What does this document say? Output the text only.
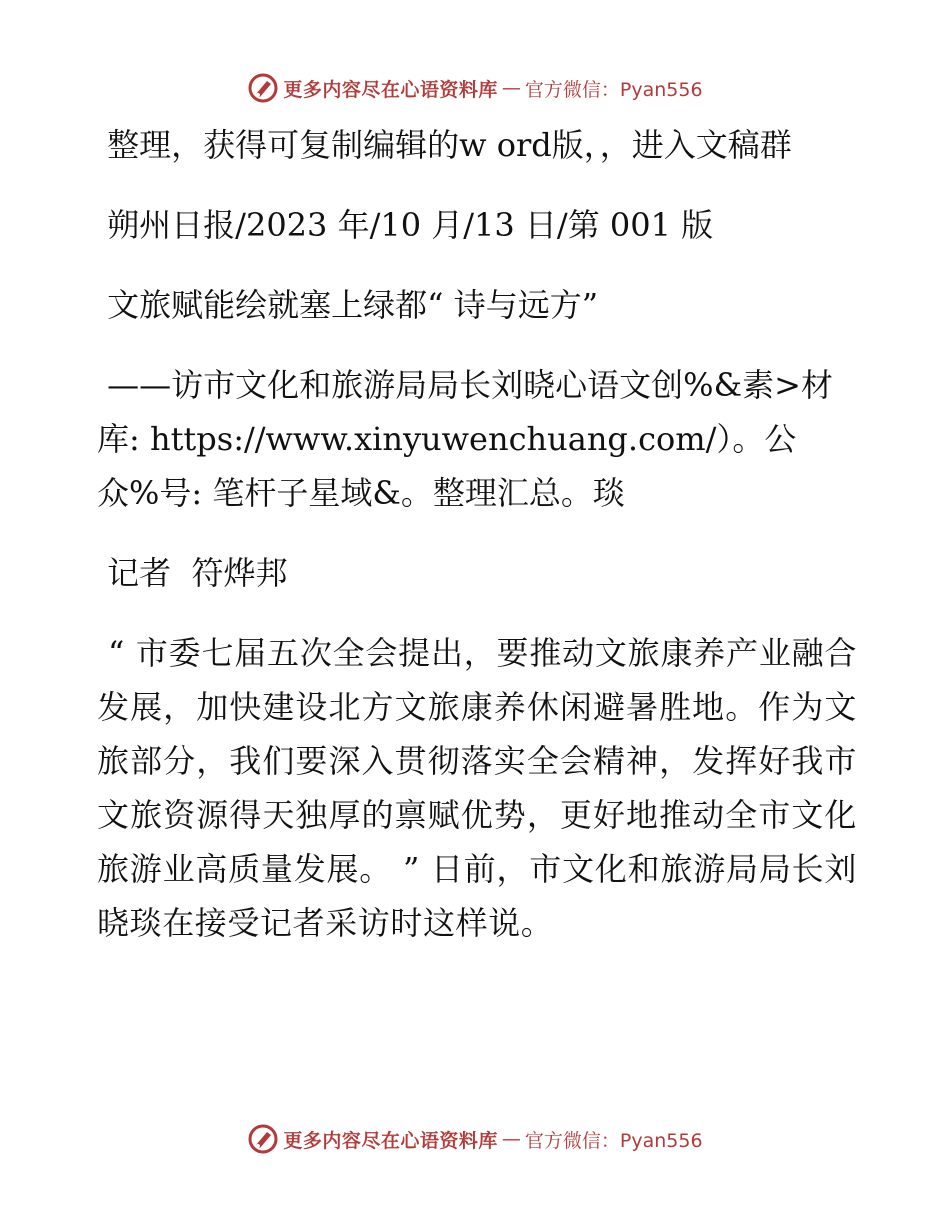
更多内容尽在心语资料库 — 官方微信：Pyan556

整理，获得可复制编辑的w ord版，，进入文稿群

朔州日报/2023 年/10 月/13 日/第 001 版

文旅赋能绘就塞上绿都“ 诗与远方”

——访市文化和旅游局局长刘晓心语文创%&素>材库: https://www.xinyuwenchuang.com/）。公众%号: 笔杆子星域&。整理汇总。琰

记者  符烨邦

“ 市委七届五次全会提出，要推动文旅康养产业融合发展，加快建设北方文旅康养休闲避暑胜地。作为文旅部分，我们要深入贯彻落实全会精神，发挥好我市文旅资源得天独厚的禀赋优势，更好地推动全市文化旅游业高质量发展。 ” 日前，市文化和旅游局局长刘晓琰在接受记者采访时这样说。

更多内容尽在心语资料库 — 官方微信：Pyan556
